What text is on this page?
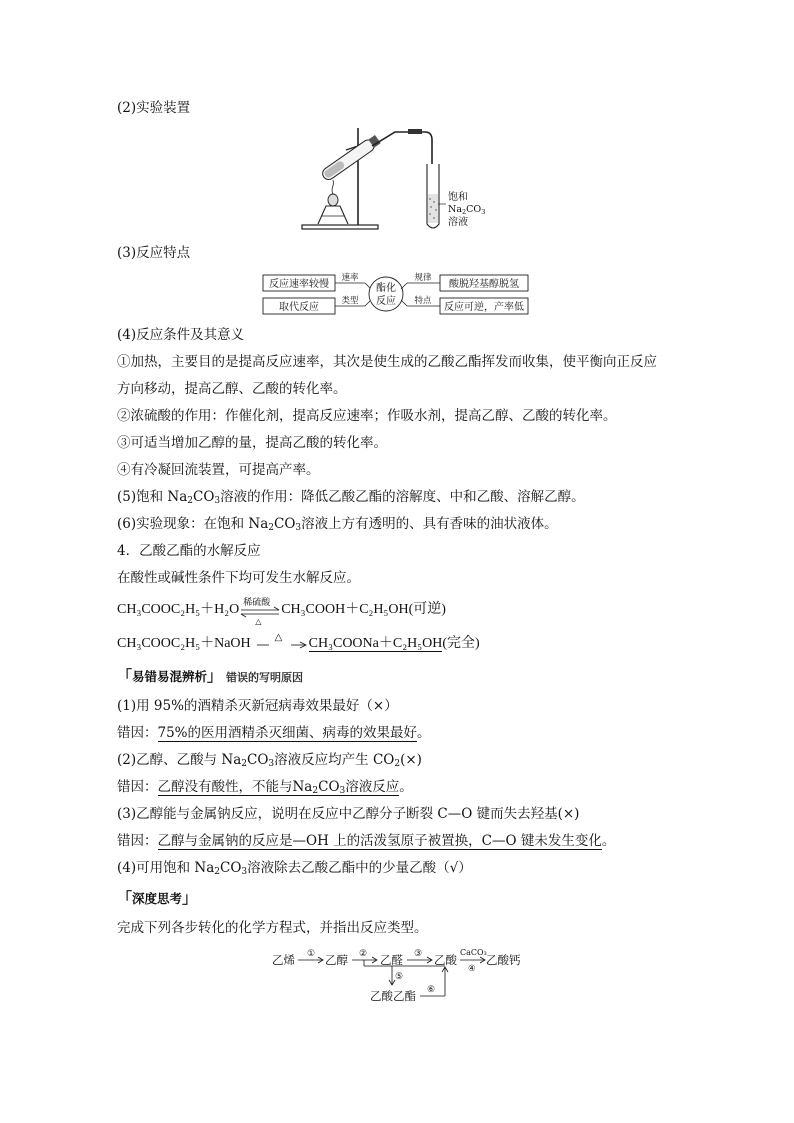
(2)实验装置
饱和
$Na_2CO_3$
溶液
(3)反应特点
反应速率较慢
取代反应
速率
类型
酯化
反应
规律
特点
酸脱羟基醇脱氢
反应可逆，产率低
(4)反应条件及其意义
①加热，主要目的是提高反应速率，其次是使生成的乙酸乙酯挥发而收集，使平衡向正反应
方向移动，提高乙醇、乙酸的转化率。
②浓硫酸的作用：作催化剂，提高反应速率；作吸水剂，提高乙醇、乙酸的转化率。
③可适当增加乙醇的量，提高乙酸的转化率。
④有冷凝回流装置，可提高产率。
(5)饱和 $Na_2CO_3$溶液的作用：降低乙酸乙酯的溶解度、中和乙酸、溶解乙醇。
(6)实验现象：在饱和 $Na_2CO_3$溶液上方有透明的、具有香味的油状液体。
4．乙酸乙酯的水解反应
在酸性或碱性条件下均可发生水解反应。
CH₃COOC₂H₅＋H₂O 稀硫酸
△
CH₃COOH＋C₂H₅OH(可逆)
CH₃COOC₂H₅＋NaOH △ CH₃COONa＋C₂H₅OH(完全)
「易错易混辨析」 错误的写明原因
(1)用 95%的酒精杀灭新冠病毒效果最好（×）
错因：75%的医用酒精杀灭细菌、病毒的效果最好。
(2)乙醇、乙酸与 $Na_2CO_3$溶液反应均产生 $CO_2(\times)$
错因：乙醇没有酸性，不能与$Na_2CO_3$溶液反应。
(3)乙醇能与金属钠反应，说明在反应中乙醇分子断裂 C—O 键而失去羟基(×)
错因：乙醇与金属钠的反应是—OH 上的活泼氢原子被置换，C—O 键未发生变化。
(4)可用饱和 $Na_2CO_3$溶液除去乙酸乙酯中的少量乙酸（√）
「深度思考」
完成下列各步转化的化学方程式，并指出反应类型。
乙烯 ① 乙醇 ② 乙醛 ③ 乙酸
CaCO₃
④
乙酸钙
⑤
乙酸乙酯 ⑥
